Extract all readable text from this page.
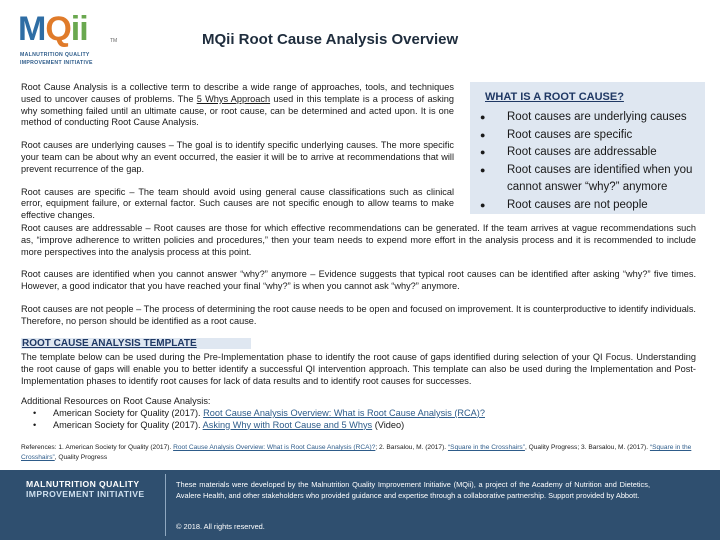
MQii	TM
MALNUTRITION QUALITY
IMPROVEMENT INITIATIVE
MQii Root Cause Analysis Overview

Root Cause Analysis is a collective term to describe a wide range of approaches, tools, and techniques used to uncover causes of problems. The 5 Whys Approach used in this template is a process of asking why something failed until an ultimate cause, or root cause, can be determined and acted upon. It is one method of conducting Root Cause Analysis.

Root causes are underlying causes – The goal is to identify specific underlying causes. The more specific your team can be about why an event occurred, the easier it will be to arrive at recommendations that will prevent recurrence of the gap.

Root causes are specific – The team should avoid using general cause classifications such as clinical error, equipment failure, or external factor. Such causes are not specific enough to allow teams to make effective changes.

WHAT IS A ROOT CAUSE?
● Root causes are underlying causes
● Root causes are specific
● Root causes are addressable
● Root causes are identified when you cannot answer “why?” anymore
● Root causes are not people

Root causes are addressable – Root causes are those for which effective recommendations can be generated. If the team arrives at vague recommendations such as, “improve adherence to written policies and procedures,” then your team needs to expend more effort in the analysis process and it is recommended to include more perspectives into the analysis process at this point.

Root causes are identified when you cannot answer “why?” anymore – Evidence suggests that typical root causes can be identified after asking “why?” five times. However, a good indicator that you have reached your final “why?” is when you cannot ask “why?” anymore.

Root causes are not people – The process of determining the root cause needs to be open and focused on improvement. It is counterproductive to identify individuals. Therefore, no person should be identified as a root cause.

ROOT CAUSE ANALYSIS TEMPLATE
The template below can be used during the Pre-Implementation phase to identify the root cause of gaps identified during selection of your QI Focus. Understanding the root cause of gaps will enable you to better identify a successful QI intervention approach. This template can also be used during the Implementation and Post-Implementation phases to identify root causes for lack of data results and to identify root causes for successes.
Additional Resources on Root Cause Analysis:
• American Society for Quality (2017). Root Cause Analysis Overview: What is Root Cause Analysis (RCA)?
• American Society for Quality (2017). Asking Why with Root Cause and 5 Whys (Video)
References: 1. American Society for Quality (2017). Root Cause Analysis Overview: What is Root Cause Analysis (RCA)?; 2. Barsalou, M. (2017). “Square in the Crosshairs”, Quality Progress; 3. Barsalou, M. (2017). “Square in the Crosshairs”, Quality Progress
MALNUTRITION QUALITY
IMPROVEMENT INITIATIVE
These materials were developed by the Malnutrition Quality Improvement Initiative (MQii), a project of the Academy of Nutrition and Dietetics, Avalere Health, and other stakeholders who provided guidance and expertise through a collaborative partnership. Support provided by Abbott.
© 2018. All rights reserved.
